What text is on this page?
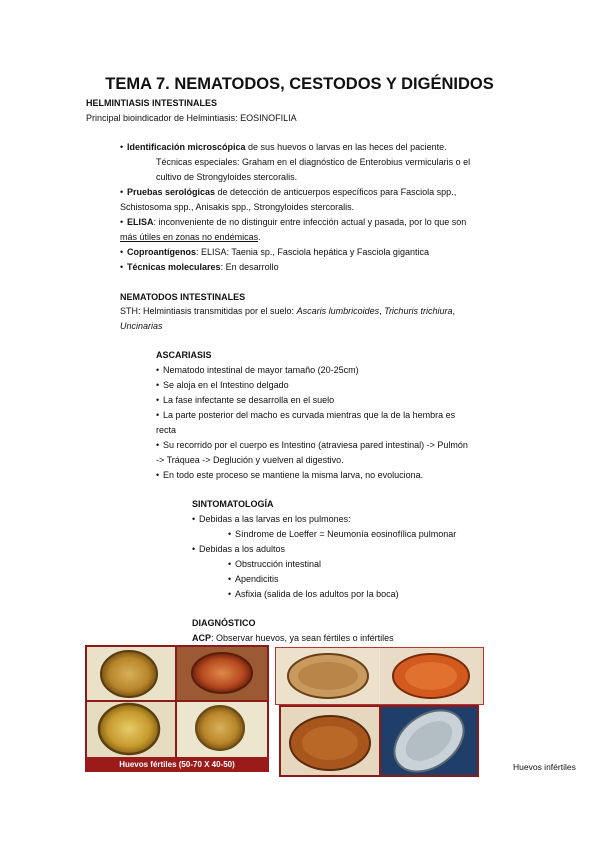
TEMA 7. NEMATODOS, CESTODOS Y DIGÉNIDOS
HELMINTIASIS INTESTINALES
Principal bioindicador de Helmintiasis: EOSINOFILIA
• Identificación microscópica de sus huevos o larvas en las heces del paciente.
Técnicas especiales: Graham en el diagnóstico de Enterobius vermicularis o el
cultivo de Strongyloides stercoralis.
• Pruebas serológicas de detección de anticuerpos específicos para Fasciola spp.,
Schistosoma spp., Anisakis spp., Strongyloides stercoralis.
• ELISA: inconveniente de no distinguir entre infección actual y pasada, por lo que son
más útiles en zonas no endémicas.
• Coproantígenos: ELISA: Taenia sp., Fasciola hepática y Fasciola gigantica
• Técnicas moleculares: En desarrollo
NEMATODOS INTESTINALES
STH: Helmintiasis transmitidas por el suelo: Ascaris lumbricoides, Trichuris trichiura,
Uncinarias
ASCARIASIS
• Nematodo intestinal de mayor tamaño (20-25cm)
• Se aloja en el Intestino delgado
• La fase infectante se desarrolla en el suelo
• La parte posterior del macho es curvada mientras que la de la hembra es
recta
• Su recorrido por el cuerpo es Intestino (atraviesa pared intestinal) -> Pulmón
-> Tráquea -> Deglución y vuelven al digestivo.
• En todo este proceso se mantiene la misma larva, no evoluciona.
SINTOMATOLOGÍA
• Debidas a las larvas en los pulmones:
• Síndrome de Loeffer = Neumonía eosinofílica pulmonar
• Debidas a los adultos
• Obstrucción intestinal
• Apendicitis
• Asfixia (salida de los adultos por la boca)
DIAGNÓSTICO
ACP: Observar huevos, ya sean fértiles o infértiles
Huevos fértiles (50-70 X 40-50)	Huevos infértiles
